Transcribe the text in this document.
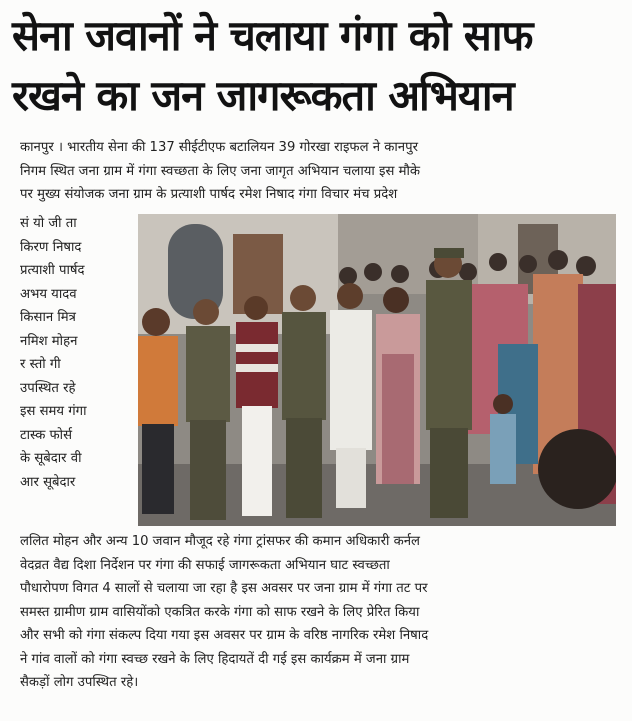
सेना जवानों ने चलाया गंगा को साफ
रखने का जन जागरूकता अभियान
कानपुर । भारतीय सेना की 137 सीईटीएफ बटालियन 39 गोरखा राइफल ने कानपुर
निगम स्थित जना ग्राम में गंगा स्वच्छता के लिए जना जागृत अभियान चलाया इस मौके
पर मुख्य संयोजक जना ग्राम के प्रत्याशी पार्षद रमेश निषाद गंगा विचार मंच प्रदेश
सं यो जी ता
किरण निषाद
प्रत्याशी पार्षद
अभय यादव
किसान मित्र
नमिश मोहन
र स्तो गी
उपस्थित रहे
इस समय गंगा
टास्क फोर्स
के सूबेदार वी
आर सूबेदार
ललित मोहन और अन्य 10 जवान मौजूद रहे गंगा ट्रांसफर की कमान अधिकारी कर्नल
वेदव्रत वैद्य दिशा निर्देशन पर गंगा की सफाई जागरूकता अभियान घाट स्वच्छता
पौधारोपण विगत 4 सालों से चलाया जा रहा है इस अवसर पर जना ग्राम में गंगा तट पर
समस्त ग्रामीण ग्राम वासियोंको एकत्रित करके गंगा को साफ रखने के लिए प्रेरित किया
और सभी को गंगा संकल्प दिया गया इस अवसर पर ग्राम के वरिष्ठ नागरिक रमेश निषाद
ने गांव वालों को गंगा स्वच्छ रखने के लिए हिदायतें दी गई इस कार्यक्रम में जना ग्राम
सैकड़ों लोग उपस्थित रहे।
